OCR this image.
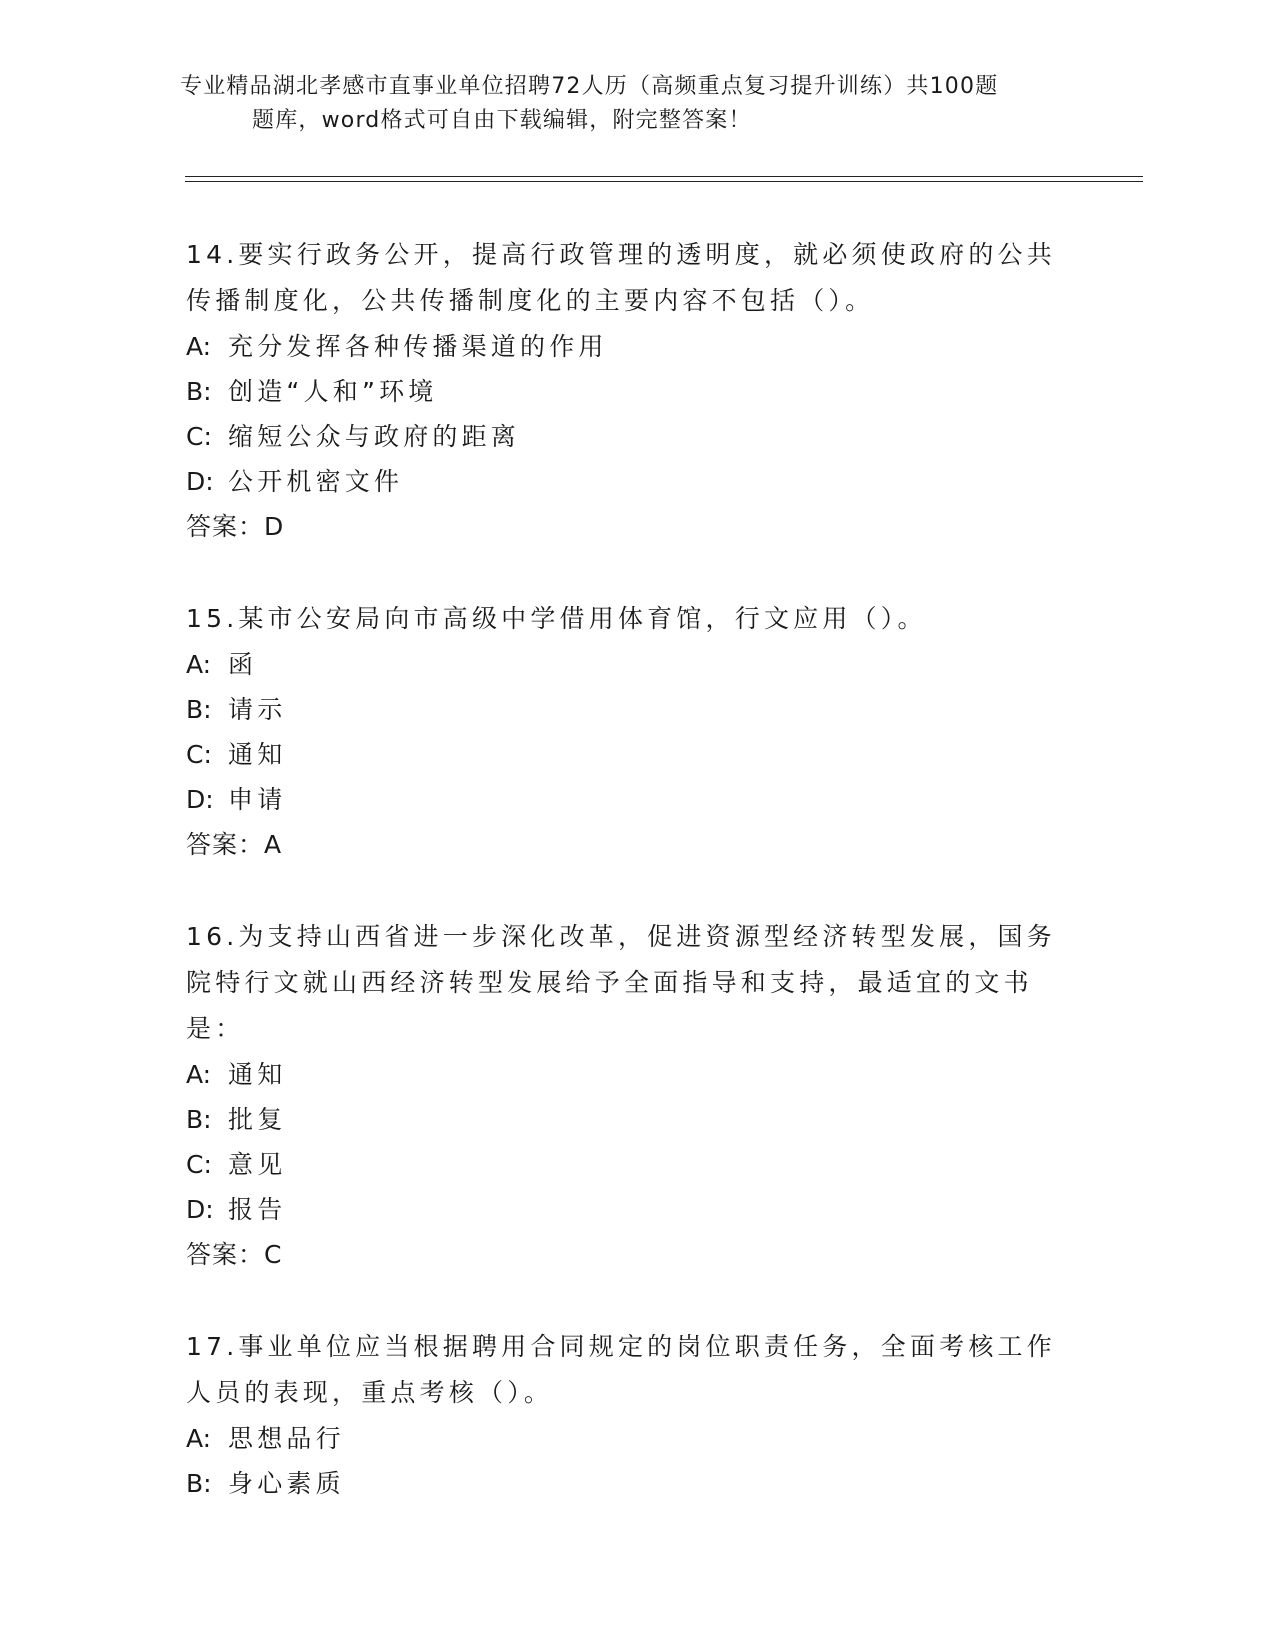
专业精品湖北孝感市直事业单位招聘72人历（高频重点复习提升训练）共100题
题库，word格式可自由下载编辑，附完整答案！

14.要实行政务公开，提高行政管理的透明度，就必须使政府的公共传播制度化，公共传播制度化的主要内容不包括（）。

A: 充分发挥各种传播渠道的作用

B: 创造“人和”环境

C: 缩短公众与政府的距离

D: 公开机密文件

答案：D

15.某市公安局向市高级中学借用体育馆，行文应用（）。

A: 函

B: 请示

C: 通知

D: 申请

答案：A

16.为支持山西省进一步深化改革，促进资源型经济转型发展，国务院特行文就山西经济转型发展给予全面指导和支持，最适宜的文书是：

A: 通知

B: 批复

C: 意见

D: 报告

答案：C

17.事业单位应当根据聘用合同规定的岗位职责任务，全面考核工作人员的表现，重点考核（）。

A: 思想品行

B: 身心素质
